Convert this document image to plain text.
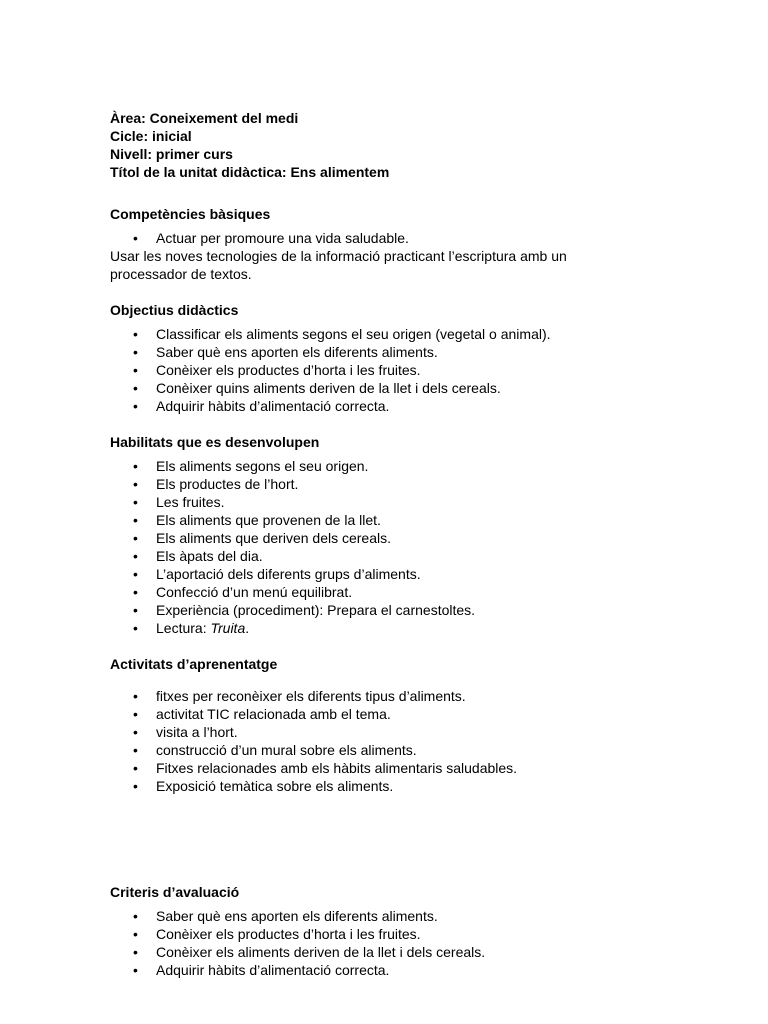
Àrea: Coneixement del medi
Cicle: inicial
Nivell: primer curs
Títol de la unitat didàctica: Ens alimentem
Competències bàsiques
• Actuar per promoure una vida saludable.
Usar les noves tecnologies de la informació practicant l’escriptura amb un processador de textos.
Objectius didàctics
• Classificar els aliments segons el seu origen (vegetal o animal).
• Saber què ens aporten els diferents aliments.
• Conèixer els productes d’horta i les fruites.
• Conèixer quins aliments deriven de la llet i dels cereals.
• Adquirir hàbits d’alimentació correcta.
Habilitats que es desenvolupen
• Els aliments segons el seu origen.
• Els productes de l’hort.
• Les fruites.
• Els aliments que provenen de la llet.
• Els aliments que deriven dels cereals.
• Els àpats del dia.
• L’aportació dels diferents grups d’aliments.
• Confecció d’un menú equilibrat.
• Experiència (procediment): Prepara el carnestoltes.
• Lectura: Truita.
Activitats d’aprenentatge
• fitxes per reconèixer els diferents tipus d’aliments.
• activitat TIC relacionada amb el tema.
• visita a l’hort.
• construcció d’un mural sobre els aliments.
• Fitxes relacionades amb els hàbits alimentaris saludables.
• Exposició temàtica sobre els aliments.
Criteris d’avaluació
• Saber què ens aporten els diferents aliments.
• Conèixer els productes d’horta i les fruites.
• Conèixer els aliments deriven de la llet i dels cereals.
• Adquirir hàbits d’alimentació correcta.
